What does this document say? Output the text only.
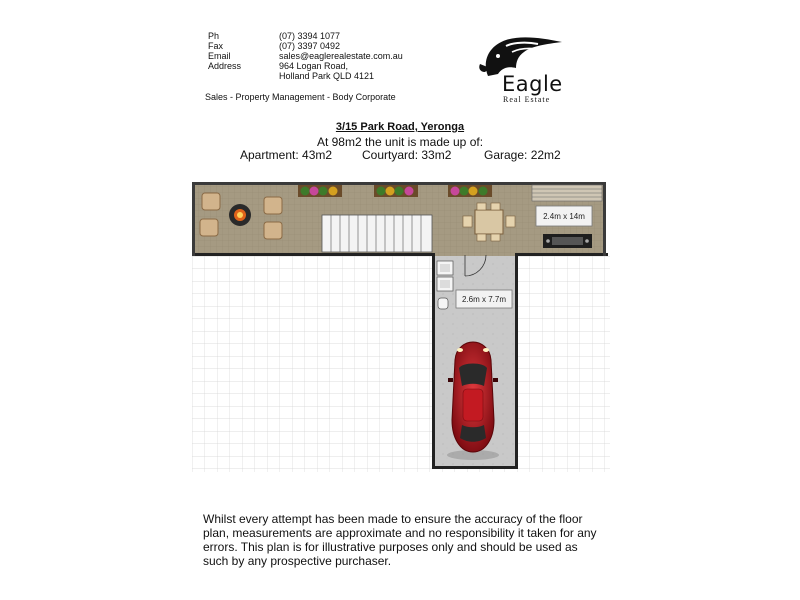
Ph	(07) 3394 1077
Fax	(07) 3397 0492
Email	sales@eaglerealestate.com.au
Address	964 Logan Road,
Holland Park QLD 4121
Sales - Property Management - Body Corporate
Eagle
Real Estate
3/15 Park Road, Yeronga
At 98m2 the unit is made up of:
Apartment: 43m2 Courtyard: 33m2	Garage: 22m2
2.4m x 14m
2.6m x 7.7m
Whilst every attempt has been made to ensure the accuracy of the floor plan, measurements are approximate and no responsibility it taken for any errors. This plan is for illustrative purposes only and should be used as such by any prospective purchaser.
